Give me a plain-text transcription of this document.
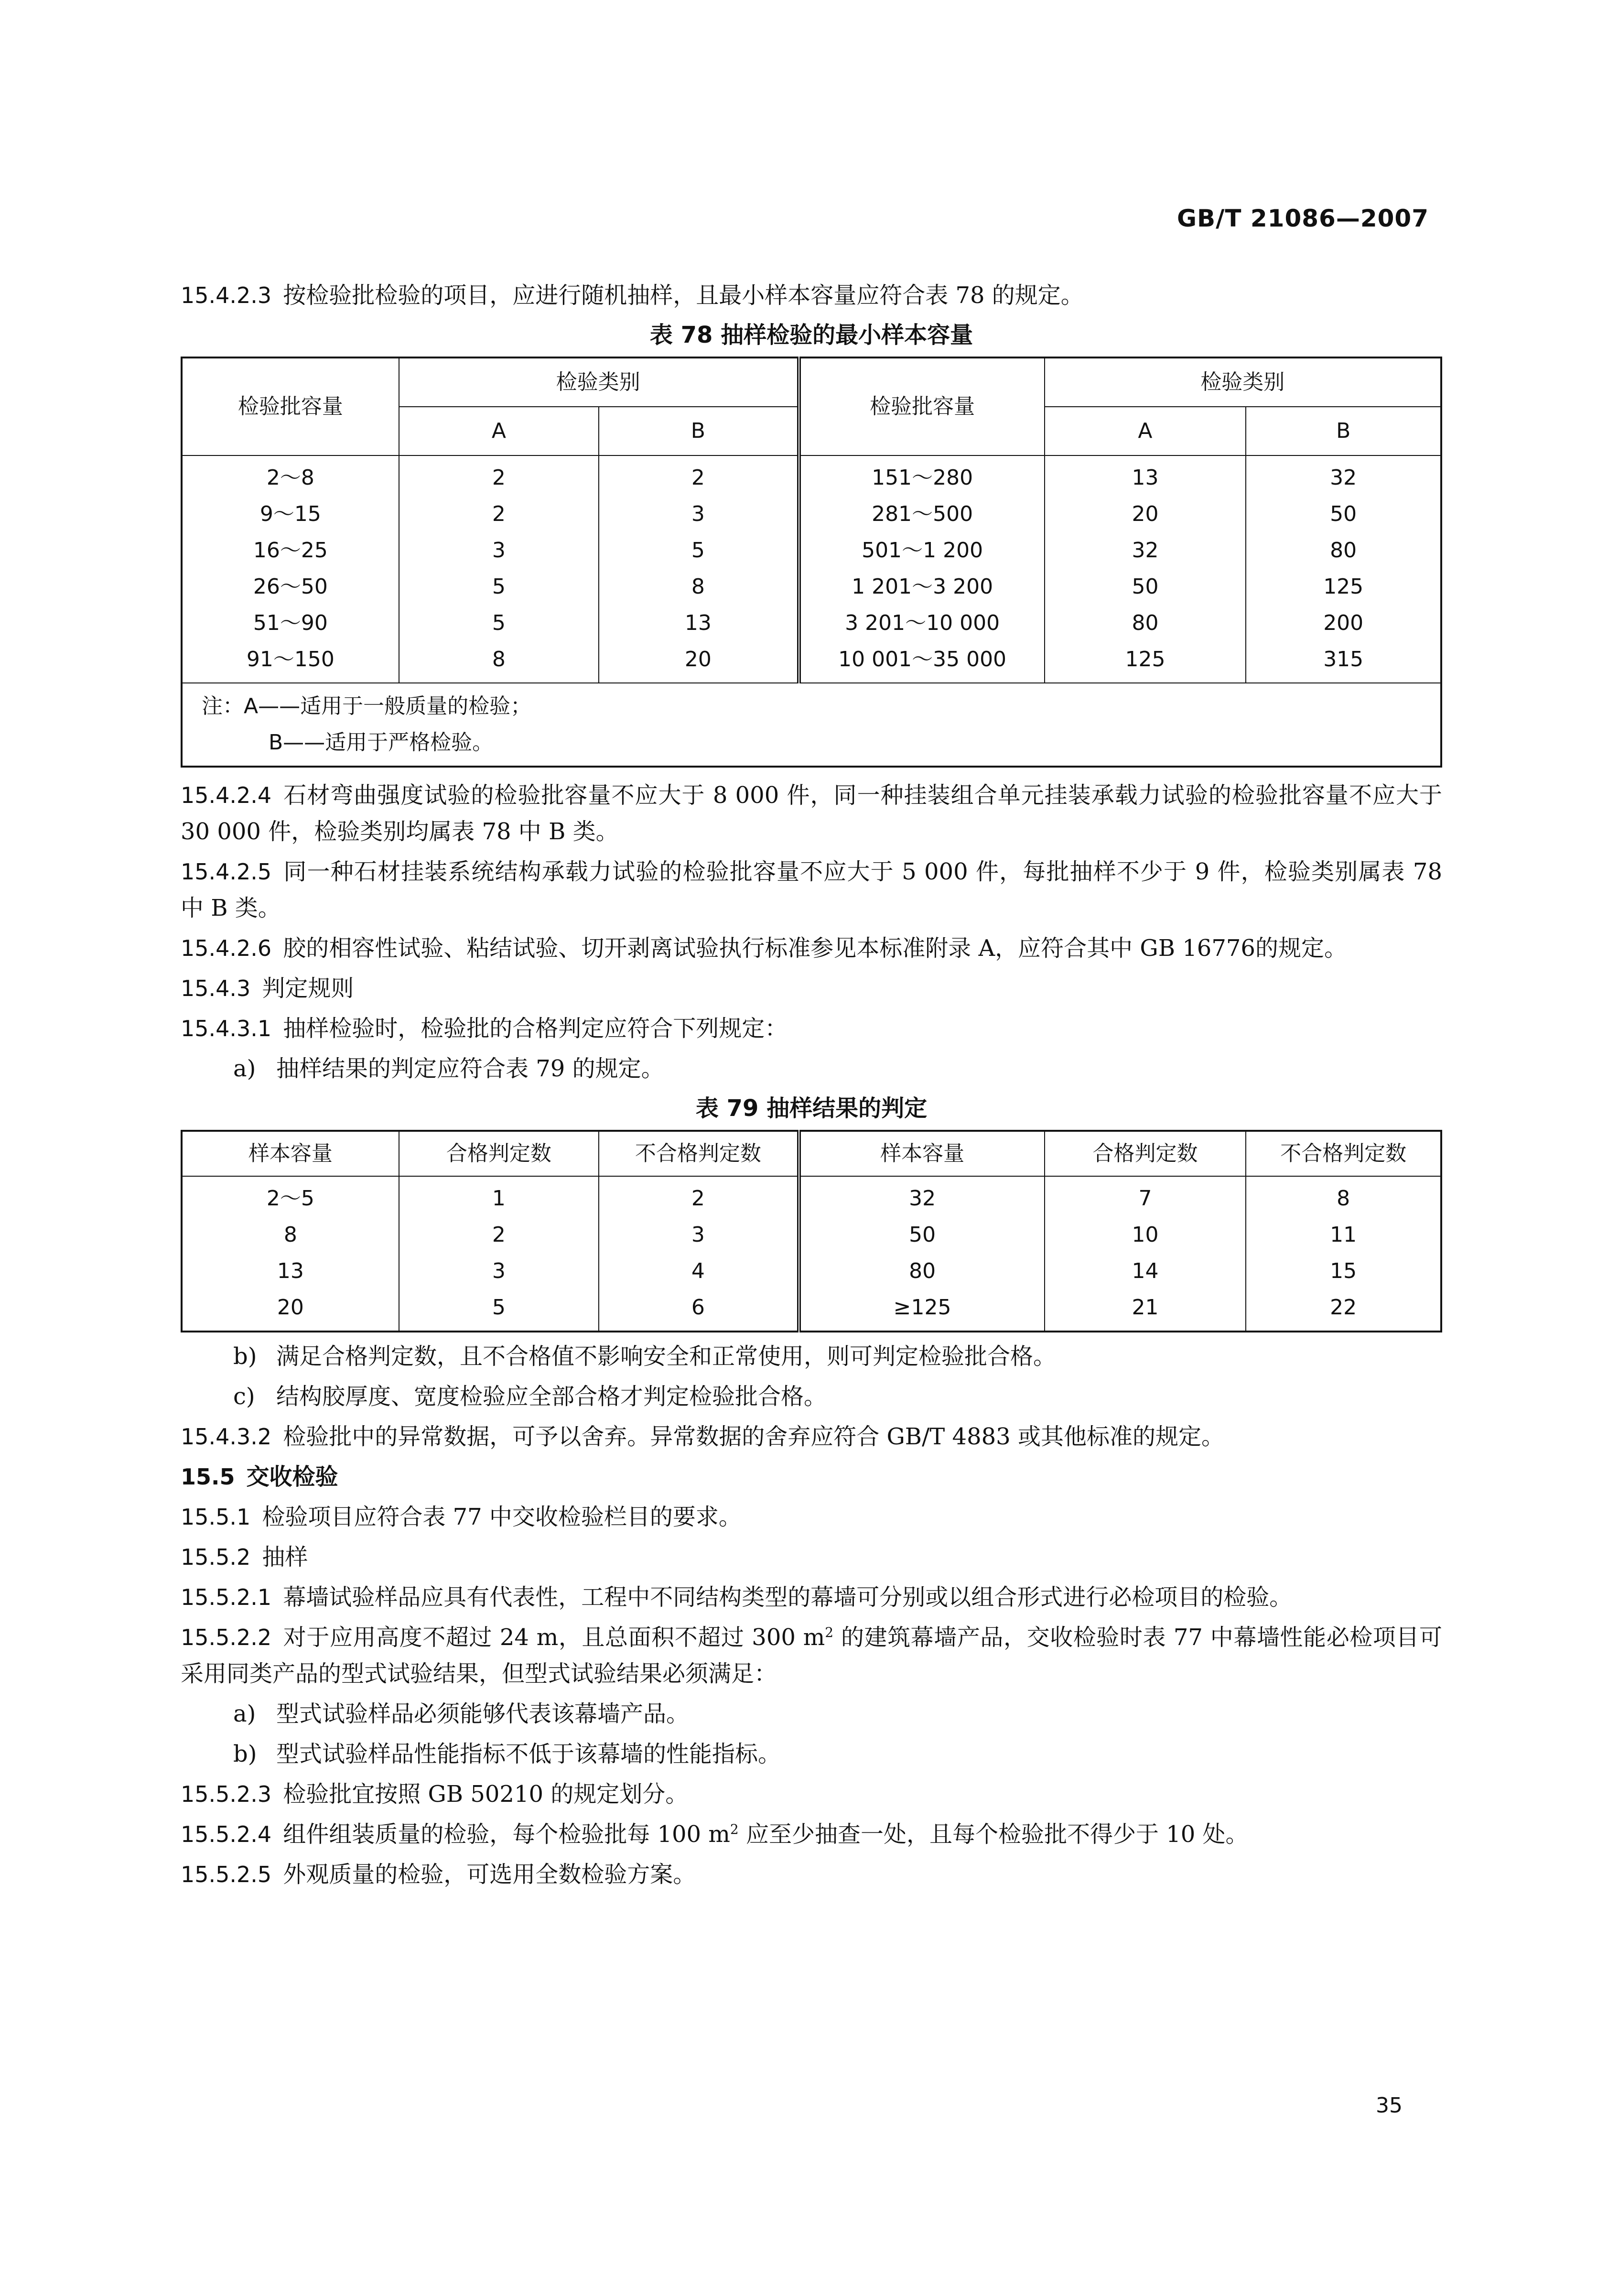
GB/T 21086—2007

15.4.2.3 按检验批检验的项目，应进行随机抽样，且最小样本容量应符合表 78 的规定。

表 78 抽样检验的最小样本容量
检验批容量	检验类别		检验批容量	检验类别	
	A	B		A	B
2～8	2	2	151～280	13	32
9～15	2	3	281～500	20	50
16～25	3	5	501～1 200	32	80
26～50	5	8	1 201～3 200	50	125
51～90	5	13	3 201～10 000	80	200
91～150	8	20	10 001～35 000	125	315

注：A——适用于一般质量的检验；
B——适用于严格检验。					

15.4.2.4 石材弯曲强度试验的检验批容量不应大于 8 000 件，同一种挂装组合单元挂装承载力试验的检验批容量不应大于 30 000 件，检验类别均属表 78 中 B 类。

15.4.2.5 同一种石材挂装系统结构承载力试验的检验批容量不应大于 5 000 件，每批抽样不少于 9 件，检验类别属表 78 中 B 类。

15.4.2.6 胶的相容性试验、粘结试验、切开剥离试验执行标准参见本标准附录 A，应符合其中 GB 16776的规定。

15.4.3 判定规则

15.4.3.1 抽样检验时，检验批的合格判定应符合下列规定：

a) 抽样结果的判定应符合表 79 的规定。

表 79 抽样结果的判定
样本容量	合格判定数	不合格判定数	样本容量	合格判定数	不合格判定数
2～5	1	2	32	7	8
8	2	3	50	10	11
13	3	4	80	14	15
20	5	6	≥125	21	22

b) 满足合格判定数，且不合格值不影响安全和正常使用，则可判定检验批合格。

c) 结构胶厚度、宽度检验应全部合格才判定检验批合格。

15.4.3.2 检验批中的异常数据，可予以舍弃。异常数据的舍弃应符合 GB/T 4883 或其他标准的规定。

15.5 交收检验

15.5.1 检验项目应符合表 77 中交收检验栏目的要求。

15.5.2 抽样

15.5.2.1 幕墙试验样品应具有代表性，工程中不同结构类型的幕墙可分别或以组合形式进行必检项目的检验。

15.5.2.2 对于应用高度不超过 24 m，且总面积不超过 300 $m^2$ 的建筑幕墙产品，交收检验时表 77 中幕墙性能必检项目可采用同类产品的型式试验结果，但型式试验结果必须满足：

a) 型式试验样品必须能够代表该幕墙产品。

b) 型式试验样品性能指标不低于该幕墙的性能指标。

15.5.2.3 检验批宜按照 GB 50210 的规定划分。

15.5.2.4 组件组装质量的检验，每个检验批每 100 $m^2$ 应至少抽查一处，且每个检验批不得少于 10 处。

15.5.2.5 外观质量的检验，可选用全数检验方案。

35
